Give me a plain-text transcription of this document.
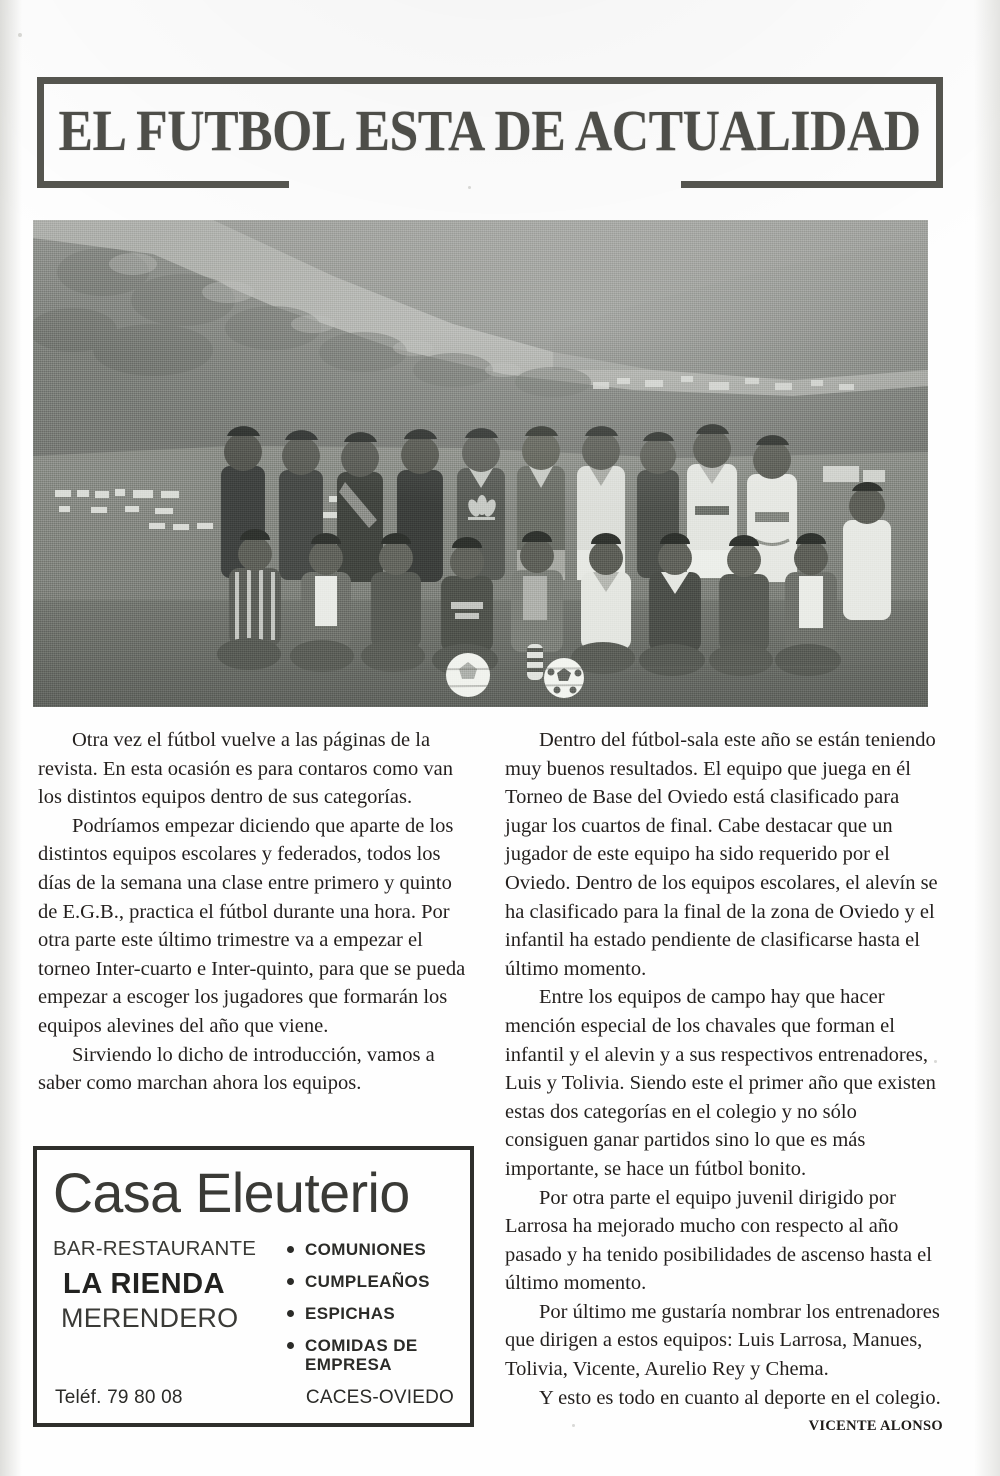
EL FUTBOL ESTA DE ACTUALIDAD

Otra vez el fútbol vuelve a las páginas de la revista. En esta ocasión es para contaros como van los distintos equipos dentro de sus categorías.

Podríamos empezar diciendo que aparte de los distintos equipos escolares y federados, todos los días de la semana una clase entre primero y quinto de E.G.B., practica el fútbol durante una hora. Por otra parte este último trimestre va a empezar el torneo Inter-cuarto e Inter-quinto, para que se pueda empezar a escoger los jugadores que formarán los equipos alevines del año que viene.

Sirviendo lo dicho de introducción, vamos a saber como marchan ahora los equipos.

Dentro del fútbol-sala este año se están teniendo muy buenos resultados. El equipo que juega en él Torneo de Base del Oviedo está clasificado para jugar los cuartos de final. Cabe destacar que un jugador de este equipo ha sido requerido por el Oviedo. Dentro de los equipos escolares, el alevín se ha clasificado para la final de la zona de Oviedo y el infantil ha estado pendiente de clasificarse hasta el último momento.

Entre los equipos de campo hay que hacer mención especial de los chavales que forman el infantil y el alevin y a sus respectivos entrenadores, Luis y Tolivia. Siendo este el primer año que existen estas dos categorías en el colegio y no sólo consiguen ganar partidos sino lo que es más importante, se hace un fútbol bonito.

Por otra parte el equipo juvenil dirigido por Larrosa ha mejorado mucho con respecto al año pasado y ha tenido posibilidades de ascenso hasta el último momento.

Por último me gustaría nombrar los entrenadores que dirigen a estos equipos: Luis Larrosa, Manues, Tolivia, Vicente, Aurelio Rey y Chema.

Y esto es todo en cuanto al deporte en el colegio.

VICENTE ALONSO

Casa Eleuterio
BAR-RESTAURANTE
LA RIENDA
MERENDERO
COMUNIONES
CUMPLEAÑOS
ESPICHAS
COMIDAS DE EMPRESA
Teléf. 79 80 08	CACES-OVIEDO
